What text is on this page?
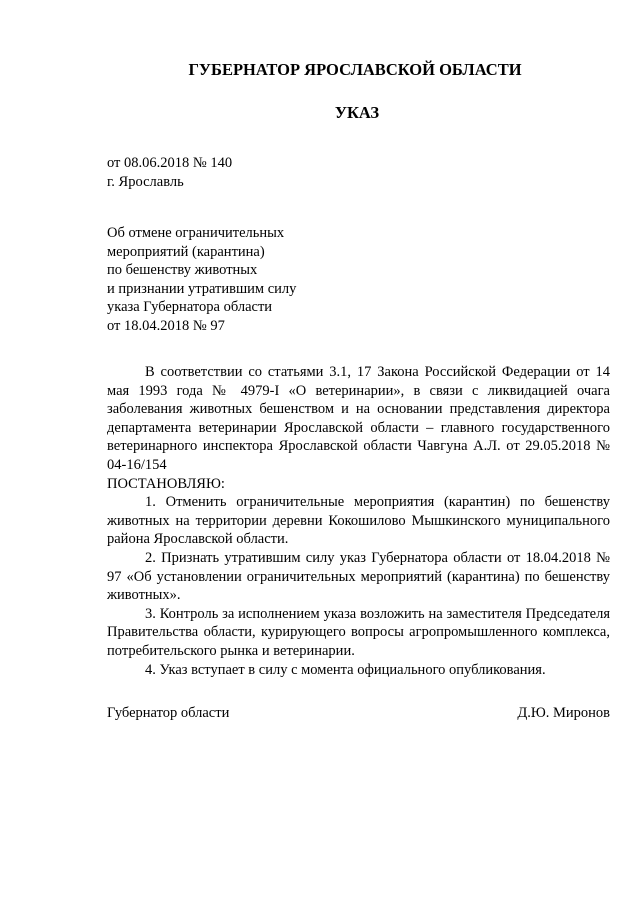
ГУБЕРНАТОР ЯРОСЛАВСКОЙ ОБЛАСТИ
УКАЗ
от 08.06.2018 № 140
г. Ярославль
Об отмене ограничительных
мероприятий (карантина)
по бешенству животных
и признании утратившим силу
указа Губернатора области
от 18.04.2018 № 97

В соответствии со статьями 3.1, 17 Закона Российской Федерации от 14 мая 1993 года № 4979-I «О ветеринарии», в связи с ликвидацией очага заболевания животных бешенством и на основании представления директора департамента ветеринарии Ярославской области – главного государственного ветеринарного инспектора Ярославской области Чавгуна А.Л. от 29.05.2018 № 04-16/154

ПОСТАНОВЛЯЮ:

1. Отменить ограничительные мероприятия (карантин) по бешенству животных на территории деревни Кокошилово Мышкинского муниципального района Ярославской области.

2. Признать утратившим силу указ Губернатора области от 18.04.2018 № 97 «Об установлении ограничительных мероприятий (карантина) по бешенству животных».

3. Контроль за исполнением указа возложить на заместителя Председателя Правительства области, курирующего вопросы агропромышленного комплекса, потребительского рынка и ветеринарии.

4. Указ вступает в силу с момента официального опубликования.

Губернатор области	Д.Ю. Миронов
